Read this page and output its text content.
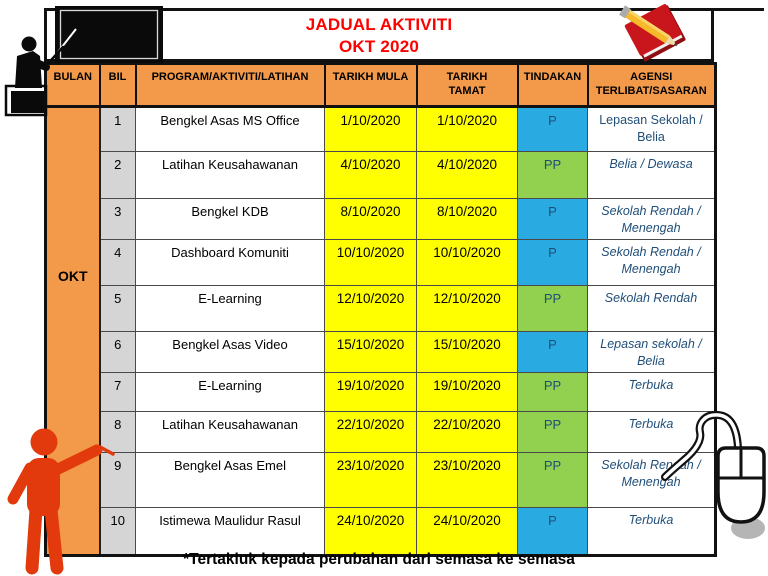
JADUAL AKTIVITI
OKT 2020
BULAN	BIL	PROGRAM/AKTIVITI/LATIHAN	TARIKH MULA	TARIKH TAMAT	TINDAKAN	AGENSI TERLIBAT/SASARAN
OKT	1	Bengkel Asas MS Office	1/10/2020	1/10/2020	P	Lepasan Sekolah / Belia
	2	Latihan Keusahawanan	4/10/2020	4/10/2020	PP	Belia / Dewasa
	3	Bengkel KDB	8/10/2020	8/10/2020	P	Sekolah Rendah / Menengah
	4	Dashboard Komuniti	10/10/2020	10/10/2020	P	Sekolah Rendah / Menengah
	5	E-Learning	12/10/2020	12/10/2020	PP	Sekolah Rendah
	6	Bengkel Asas Video	15/10/2020	15/10/2020	P	Lepasan sekolah / Belia
	7	E-Learning	19/10/2020	19/10/2020	PP	Terbuka
	8	Latihan Keusahawanan	22/10/2020	22/10/2020	PP	Terbuka
	9	Bengkel Asas Emel	23/10/2020	23/10/2020	PP	Sekolah Rendah / Menengah
	10	Istimewa Maulidur Rasul	24/10/2020	24/10/2020	P	Terbuka
*Tertakluk kepada perubahan dari semasa ke semasa
